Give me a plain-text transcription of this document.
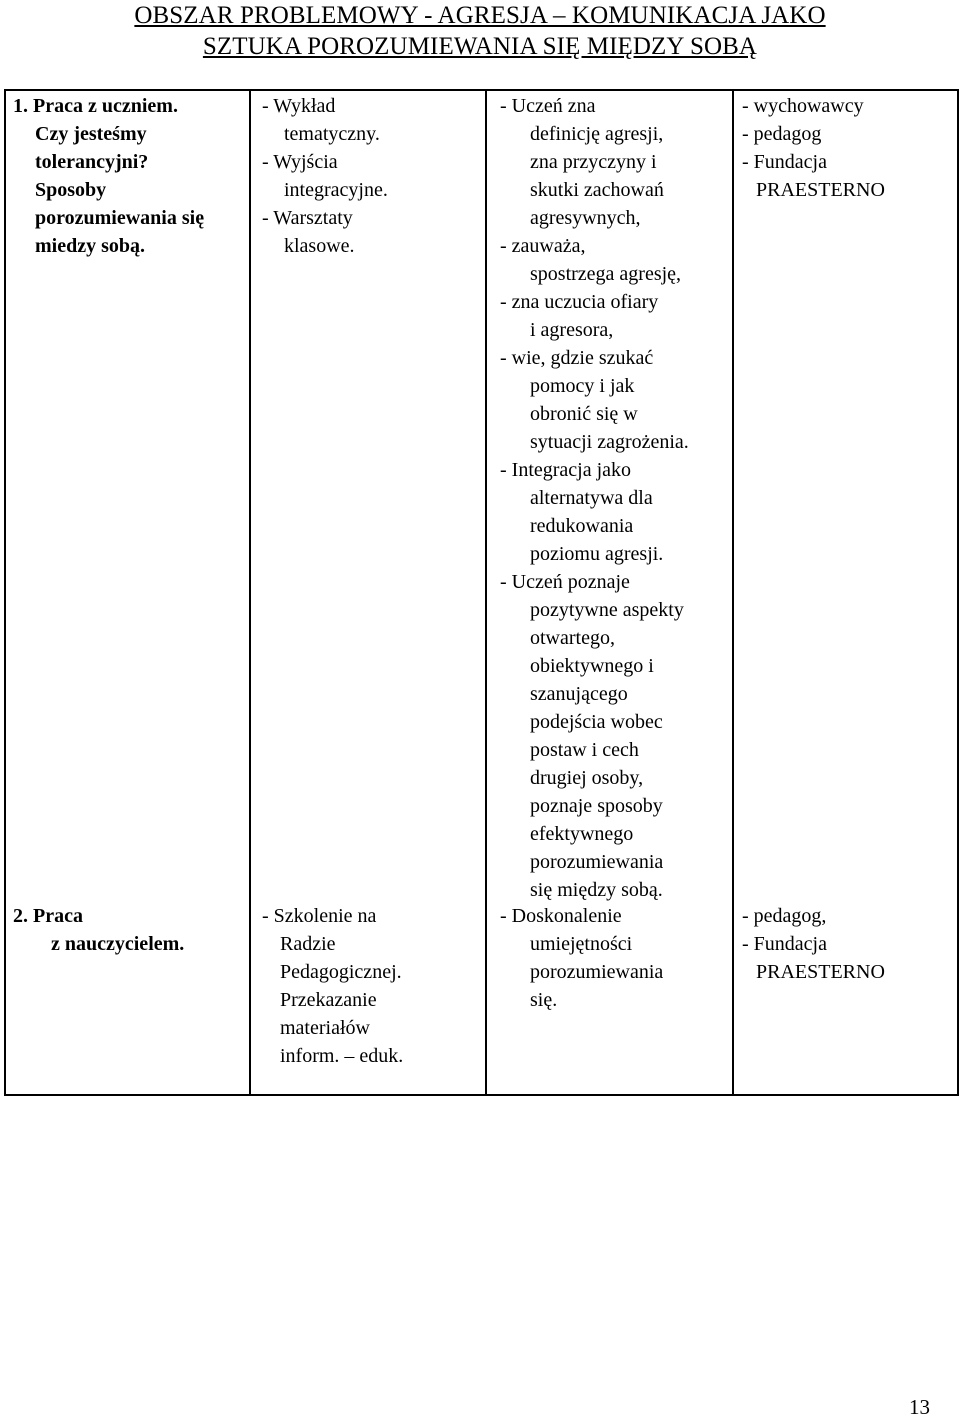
OBSZAR PROBLEMOWY - AGRESJA – KOMUNIKACJA JAKO
SZTUKA POROZUMIEWANIA SIĘ MIĘDZY SOBĄ

1. Praca z uczniem.

Czy jesteśmy

tolerancyjni?

Sposoby

porozumiewania się

miedzy sobą.

- Wykład

tematyczny.

- Wyjścia

integracyjne.

- Warsztaty

klasowe.

- Uczeń zna

definicję agresji,

zna przyczyny i

skutki zachowań

agresywnych,

- zauważa,

spostrzega agresję,

- zna uczucia ofiary

i agresora,

- wie, gdzie szukać

pomocy i jak

obronić się w

sytuacji zagrożenia.

- Integracja jako

alternatywa dla

redukowania

poziomu agresji.

- Uczeń poznaje

pozytywne aspekty

otwartego,

obiektywnego i

szanującego

podejścia wobec

postaw i cech

drugiej osoby,

poznaje sposoby

efektywnego

porozumiewania

się między sobą.

- wychowawcy

- pedagog

- Fundacja

PRAESTERNO

2. Praca

z nauczycielem.

- Szkolenie na

Radzie

Pedagogicznej.

Przekazanie

materiałów

inform. – eduk.

- Doskonalenie

umiejętności

porozumiewania

się.

- pedagog,

- Fundacja

PRAESTERNO

13
